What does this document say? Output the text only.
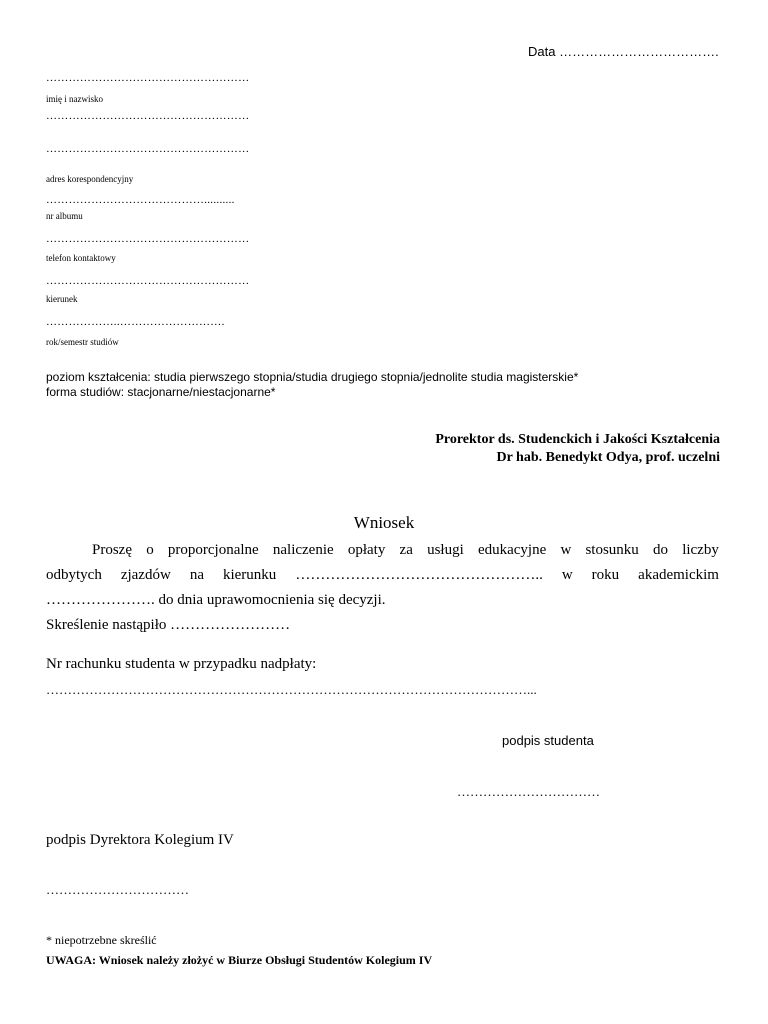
Data ……………………………….
………………………………………………
imię i nazwisko
………………………………………………
………………………………………………
adres korespondencyjny
……………………………………..........
nr albumu
………………………………………………
telefon kontaktowy
………………………………………………
kierunek
………………..……………………….
rok/semestr studiów
poziom kształcenia: studia pierwszego stopnia/studia drugiego stopnia/jednolite studia magisterskie*
forma studiów: stacjonarne/niestacjonarne*
Prorektor ds. Studenckich i Jakości Kształcenia
Dr hab. Benedykt Odya, prof. uczelni
Wniosek
Proszę o proporcjonalne naliczenie opłaty za usługi edukacyjne w stosunku do liczby
odbytych zjazdów na kierunku ………………………………………….. w roku akademickim
…………………. do dnia uprawomocnienia się decyzji.
Skreślenie nastąpiło ……………………
Nr rachunku studenta w przypadku nadpłaty:
…………………………………………………………………………………………………...
podpis studenta
……………………………
podpis Dyrektora Kolegium IV
……………………………
* niepotrzebne skreślić
UWAGA: Wniosek należy złożyć w Biurze Obsługi Studentów Kolegium IV
